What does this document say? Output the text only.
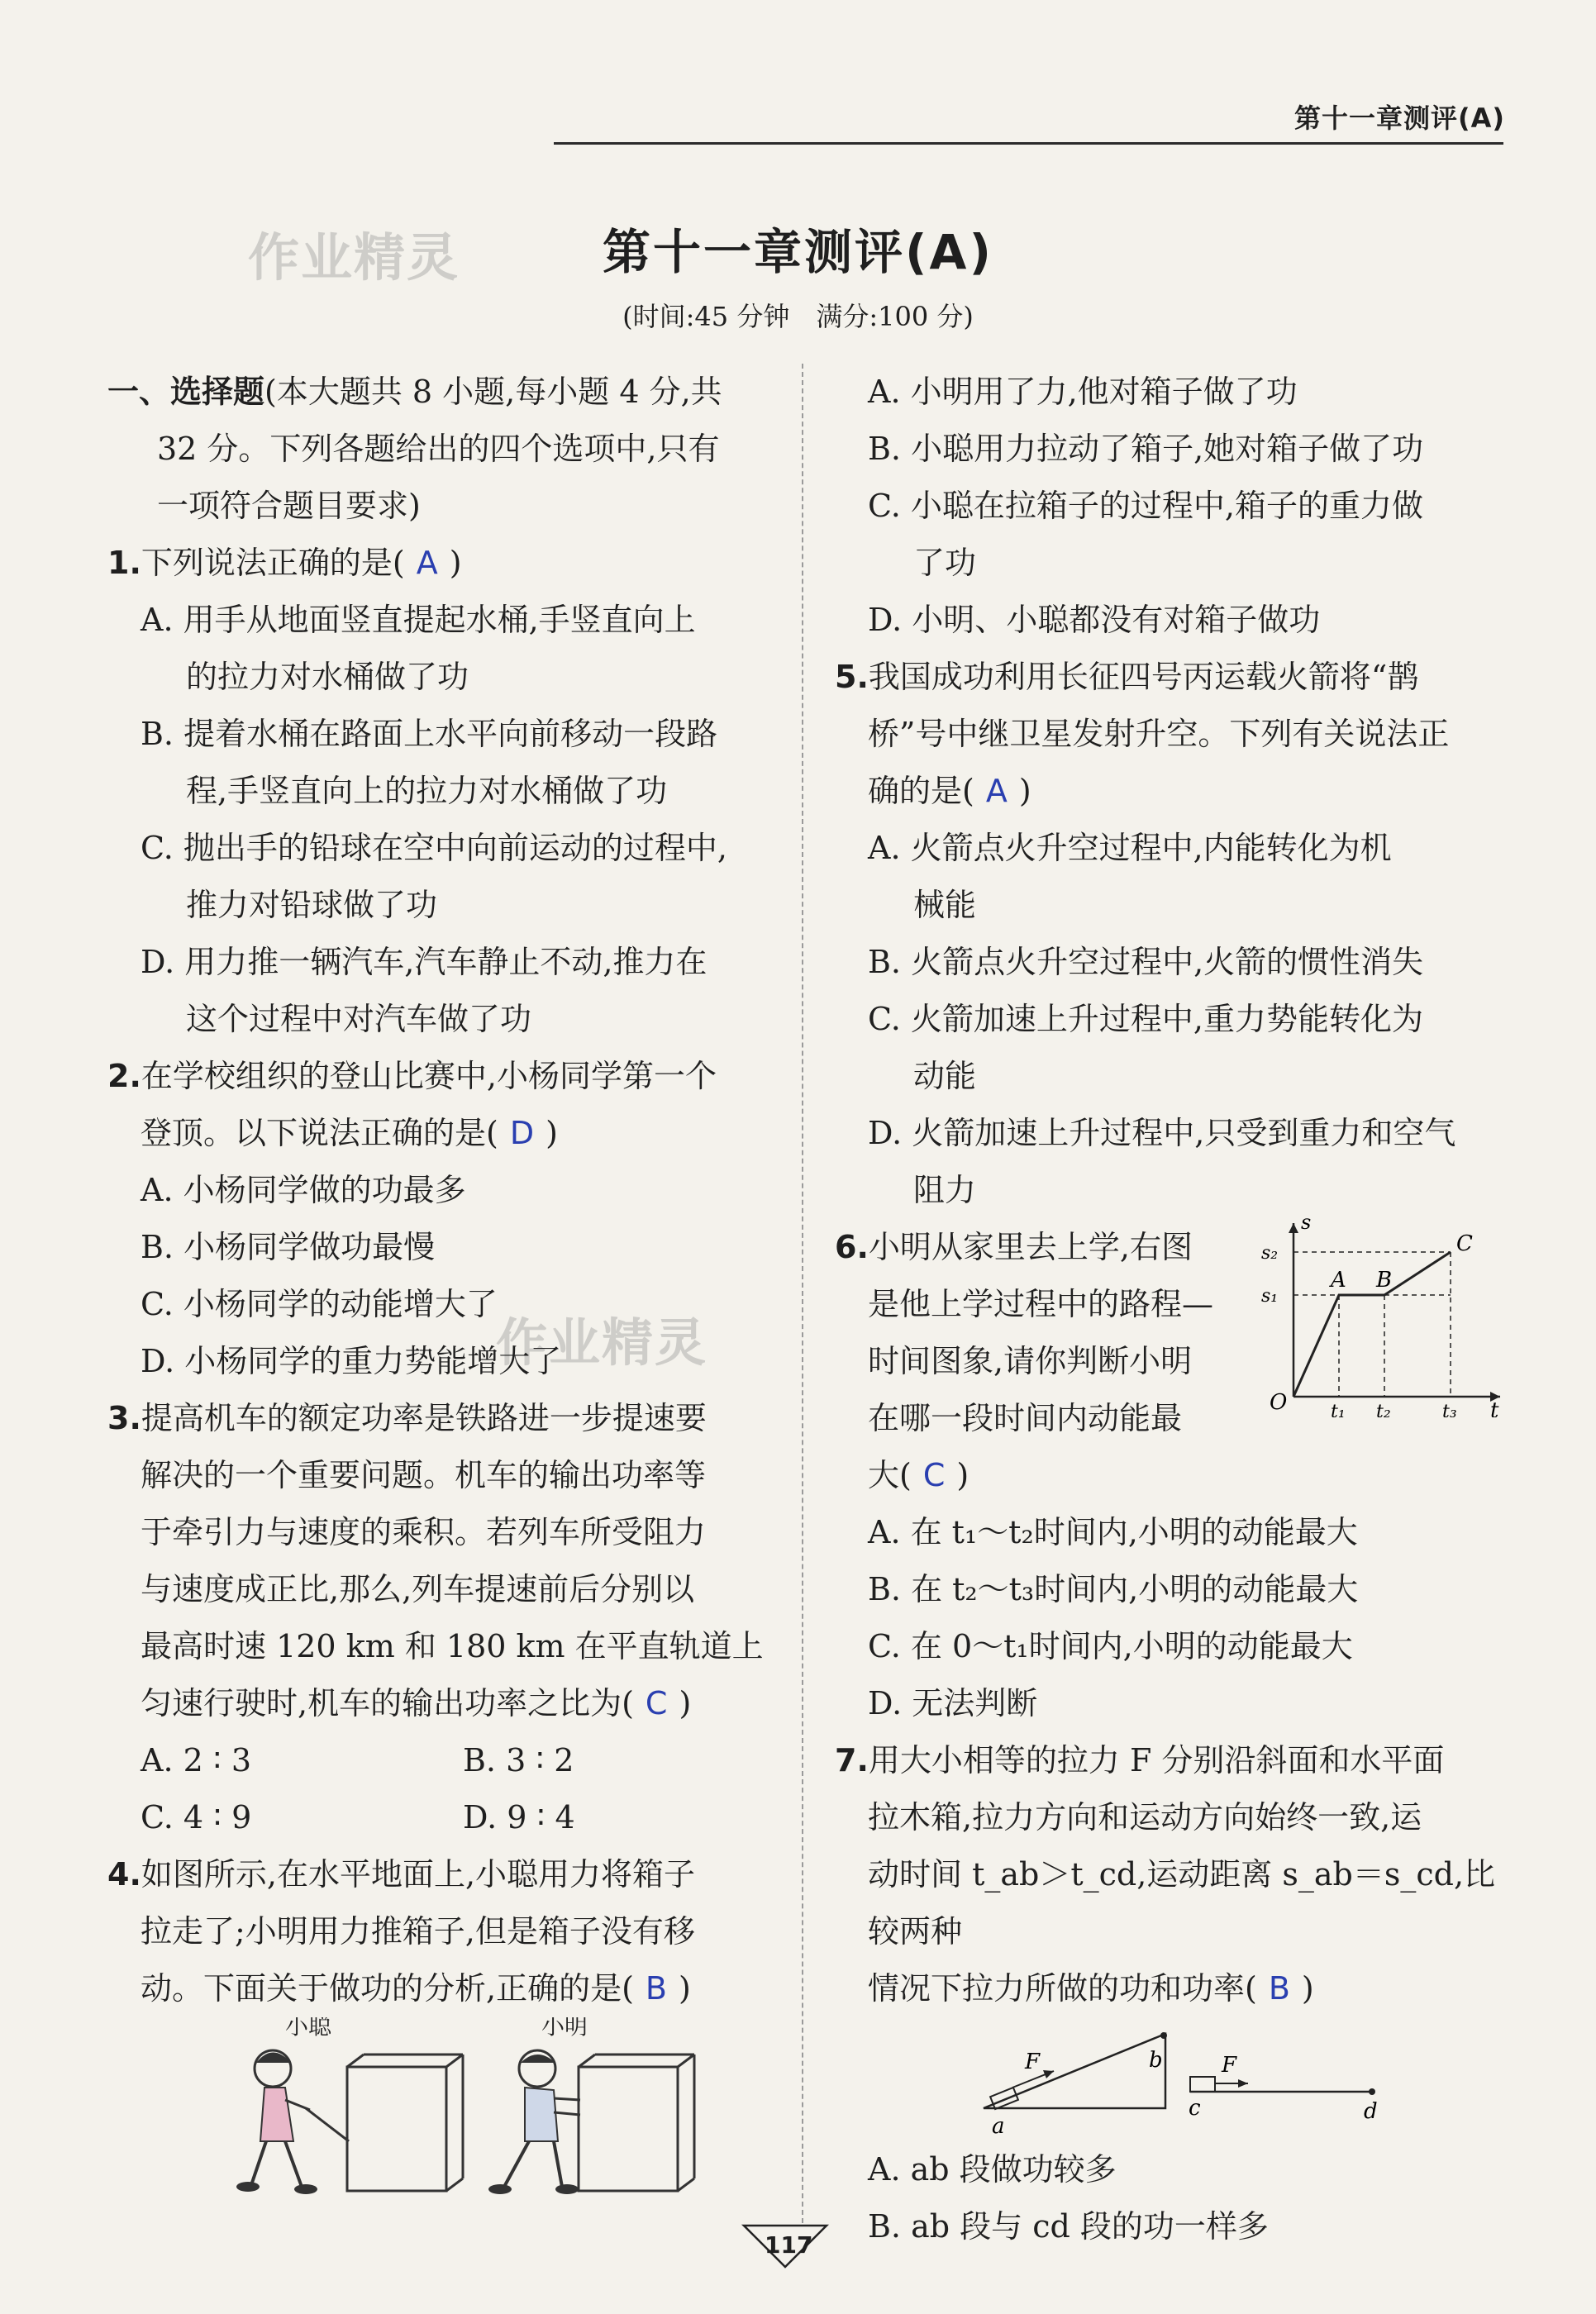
第十一章测评(A)
作业精灵
作业精灵
第十一章测评(A)
(时间:45 分钟　满分:100 分)
一、选择题(本大题共 8 小题,每小题 4 分,共
32 分。下列各题给出的四个选项中,只有
一项符合题目要求)
1.下列说法正确的是( A )
A. 用手从地面竖直提起水桶,手竖直向上
的拉力对水桶做了功
B. 提着水桶在路面上水平向前移动一段路
程,手竖直向上的拉力对水桶做了功
C. 抛出手的铅球在空中向前运动的过程中,
推力对铅球做了功
D. 用力推一辆汽车,汽车静止不动,推力在
这个过程中对汽车做了功
2.在学校组织的登山比赛中,小杨同学第一个
登顶。以下说法正确的是( D )
A. 小杨同学做的功最多
B. 小杨同学做功最慢
C. 小杨同学的动能增大了
D. 小杨同学的重力势能增大了
3.提高机车的额定功率是铁路进一步提速要
解决的一个重要问题。机车的输出功率等
于牵引力与速度的乘积。若列车所受阻力
与速度成正比,那么,列车提速前后分别以
最高时速 120 km 和 180 km 在平直轨道上
匀速行驶时,机车的输出功率之比为( C )
A. 2 ∶ 3	B. 3 ∶ 2
C. 4 ∶ 9	D. 9 ∶ 4
4.如图所示,在水平地面上,小聪用力将箱子
拉走了;小明用力推箱子,但是箱子没有移
动。下面关于做功的分析,正确的是( B )
小聪	小明
A. 小明用了力,他对箱子做了功
B. 小聪用力拉动了箱子,她对箱子做了功
C. 小聪在拉箱子的过程中,箱子的重力做
了功
D. 小明、小聪都没有对箱子做功
5.我国成功利用长征四号丙运载火箭将“鹊
桥”号中继卫星发射升空。下列有关说法正
确的是( A )
A. 火箭点火升空过程中,内能转化为机
械能
B. 火箭点火升空过程中,火箭的惯性消失
C. 火箭加速上升过程中,重力势能转化为
动能
D. 火箭加速上升过程中,只受到重力和空气
阻力
6.小明从家里去上学,右图
是他上学过程中的路程—
时间图象,请你判断小明
在哪一段时间内动能最
大( C )
s
t
s₂
s₁
O
A B
C
t₁ t₂	t₃
A. 在 t₁～t₂时间内,小明的动能最大
B. 在 t₂～t₃时间内,小明的动能最大
C. 在 0～t₁时间内,小明的动能最大
D. 无法判断
7.用大小相等的拉力 F 分别沿斜面和水平面
拉木箱,拉力方向和运动方向始终一致,运
动时间 t_ab＞t_cd,运动距离 s_ab＝s_cd,比较两种
情况下拉力所做的功和功率( B )
F
a
b	F
c	d
A. ab 段做功较多
B. ab 段与 cd 段的功一样多
117
